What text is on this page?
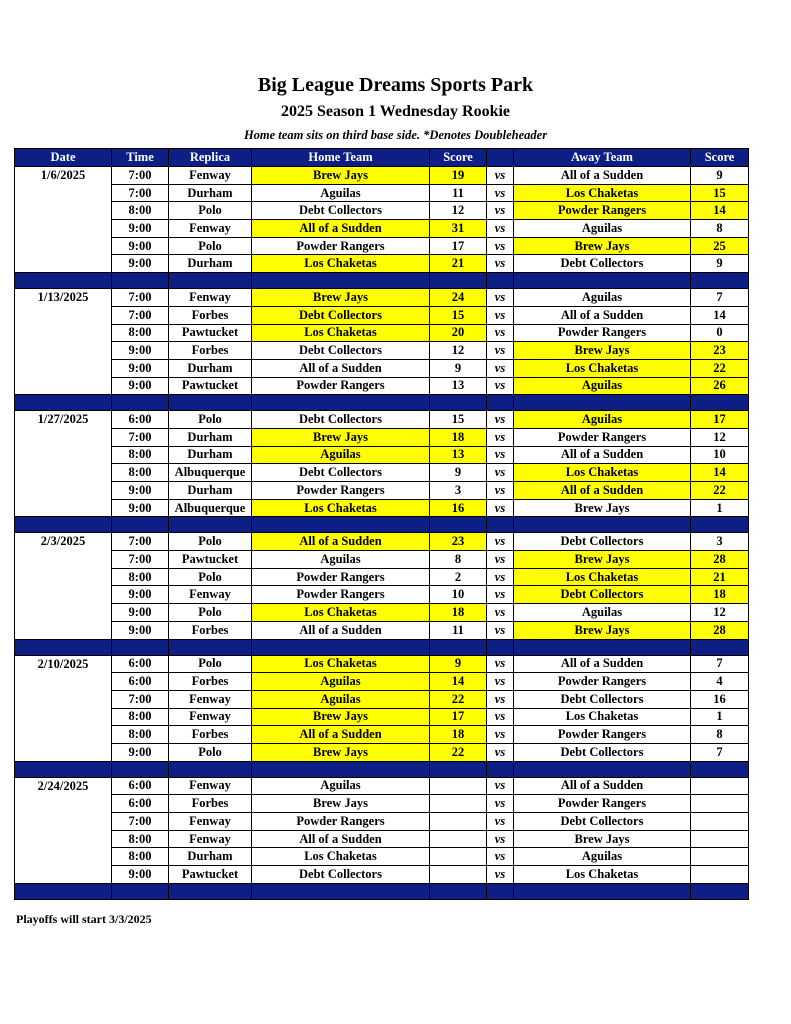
Big League Dreams Sports Park
2025 Season 1 Wednesday Rookie
Home team sits on third base side. *Denotes Doubleheader
Date	Time	Replica	Home Team	Score		Away Team	Score
1/6/2025	7:00	Fenway	Brew Jays	19	vs	All of a Sudden	9
	7:00	Durham	Aguilas	11	vs	Los Chaketas	15
	8:00	Polo	Debt Collectors	12	vs	Powder Rangers	14
	9:00	Fenway	All of a Sudden	31	vs	Aguilas	8
	9:00	Polo	Powder Rangers	17	vs	Brew Jays	25
	9:00	Durham	Los Chaketas	21	vs	Debt Collectors	9

1/13/2025	7:00	Fenway	Brew Jays	24	vs	Aguilas	7
	7:00	Forbes	Debt Collectors	15	vs	All of a Sudden	14
	8:00	Pawtucket	Los Chaketas	20	vs	Powder Rangers	0
	9:00	Forbes	Debt Collectors	12	vs	Brew Jays	23
	9:00	Durham	All of a Sudden	9	vs	Los Chaketas	22
	9:00	Pawtucket	Powder Rangers	13	vs	Aguilas	26

1/27/2025	6:00	Polo	Debt Collectors	15	vs	Aguilas	17
	7:00	Durham	Brew Jays	18	vs	Powder Rangers	12
	8:00	Durham	Aguilas	13	vs	All of a Sudden	10
	8:00	Albuquerque	Debt Collectors	9	vs	Los Chaketas	14
	9:00	Durham	Powder Rangers	3	vs	All of a Sudden	22
	9:00	Albuquerque	Los Chaketas	16	vs	Brew Jays	1

2/3/2025	7:00	Polo	All of a Sudden	23	vs	Debt Collectors	3
	7:00	Pawtucket	Aguilas	8	vs	Brew Jays	28
	8:00	Polo	Powder Rangers	2	vs	Los Chaketas	21
	9:00	Fenway	Powder Rangers	10	vs	Debt Collectors	18
	9:00	Polo	Los Chaketas	18	vs	Aguilas	12
	9:00	Forbes	All of a Sudden	11	vs	Brew Jays	28

2/10/2025	6:00	Polo	Los Chaketas	9	vs	All of a Sudden	7
	6:00	Forbes	Aguilas	14	vs	Powder Rangers	4
	7:00	Fenway	Aguilas	22	vs	Debt Collectors	16
	8:00	Fenway	Brew Jays	17	vs	Los Chaketas	1
	8:00	Forbes	All of a Sudden	18	vs	Powder Rangers	8
	9:00	Polo	Brew Jays	22	vs	Debt Collectors	7

2/24/2025	6:00	Fenway	Aguilas		vs	All of a Sudden	
	6:00	Forbes	Brew Jays		vs	Powder Rangers	
	7:00	Fenway	Powder Rangers		vs	Debt Collectors	
	8:00	Fenway	All of a Sudden		vs	Brew Jays	
	8:00	Durham	Los Chaketas		vs	Aguilas	
	9:00	Pawtucket	Debt Collectors		vs	Los Chaketas	

Playoffs will start 3/3/2025
